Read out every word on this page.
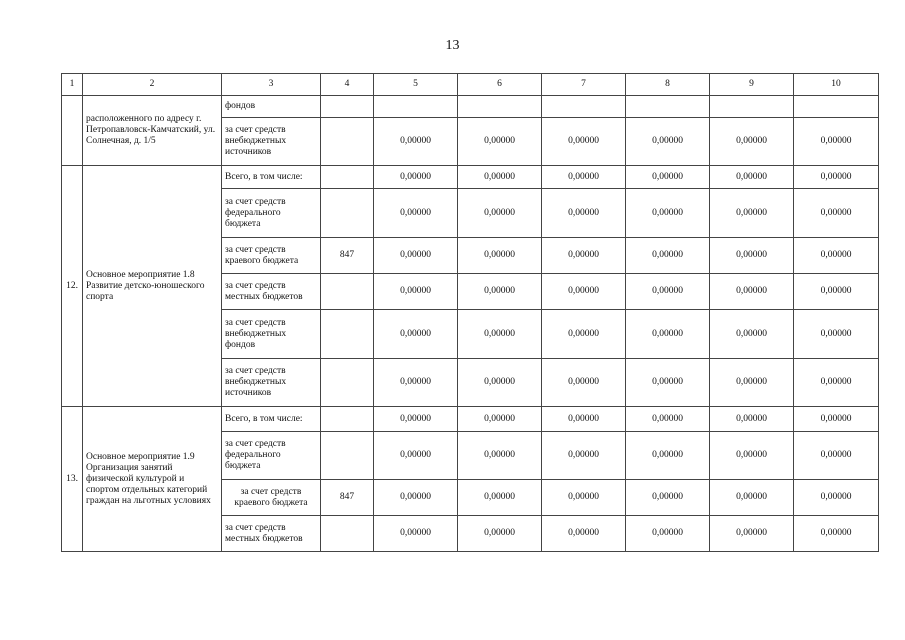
13
1	2	3	4	5	6	7	8	9	10
	расположенного по адресу г. Петропавловск-Камчатский, ул. Солнечная, д. 1/5	фондов							
		за счет средств внебюджетных источников		0,00000	0,00000	0,00000	0,00000	0,00000	0,00000
12.	Основное мероприятие 1.8 Развитие детско-юношеского спорта	Всего, в том числе:		0,00000	0,00000	0,00000	0,00000	0,00000	0,00000
		за счет средств федерального бюджета		0,00000	0,00000	0,00000	0,00000	0,00000	0,00000
		за счет средств краевого бюджета	847	0,00000	0,00000	0,00000	0,00000	0,00000	0,00000
		за счет средств местных бюджетов		0,00000	0,00000	0,00000	0,00000	0,00000	0,00000
		за счет средств внебюджетных фондов		0,00000	0,00000	0,00000	0,00000	0,00000	0,00000
		за счет средств внебюджетных источников		0,00000	0,00000	0,00000	0,00000	0,00000	0,00000
13.	Основное мероприятие 1.9 Организация занятий физической культурой и спортом отдельных категорий граждан на льготных условиях	Всего, в том числе:		0,00000	0,00000	0,00000	0,00000	0,00000	0,00000
		за счет средств федерального бюджета		0,00000	0,00000	0,00000	0,00000	0,00000	0,00000
		за счет средств краевого бюджета	847	0,00000	0,00000	0,00000	0,00000	0,00000	0,00000
		за счет средств местных бюджетов		0,00000	0,00000	0,00000	0,00000	0,00000	0,00000
